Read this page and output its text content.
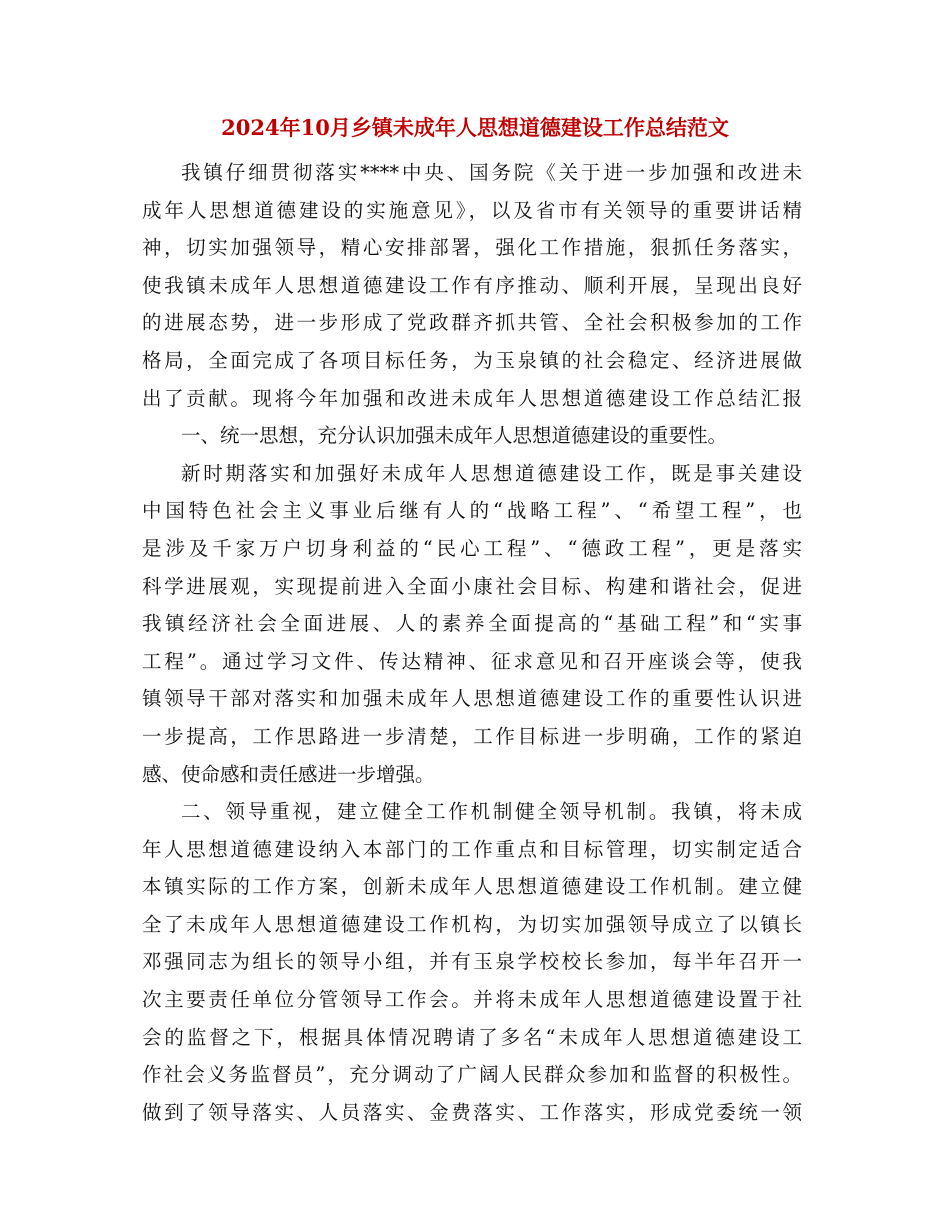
2024年10月乡镇未成年人思想道德建设工作总结范文
我镇仔细贯彻落实****中央、国务院《关于进一步加强和改进未
成年人思想道德建设的实施意见》，以及省市有关领导的重要讲话精
神，切实加强领导，精心安排部署，强化工作措施，狠抓任务落实，
使我镇未成年人思想道德建设工作有序推动、顺利开展，呈现出良好
的进展态势，进一步形成了党政群齐抓共管、全社会积极参加的工作
格局，全面完成了各项目标任务，为玉泉镇的社会稳定、经济进展做
出了贡献。现将今年加强和改进未成年人思想道德建设工作总结汇报
一、统一思想，充分认识加强未成年人思想道德建设的重要性。
新时期落实和加强好未成年人思想道德建设工作，既是事关建设
中国特色社会主义事业后继有人的“战略工程”、“希望工程”，也
是涉及千家万户切身利益的“民心工程”、“德政工程”，更是落实
科学进展观，实现提前进入全面小康社会目标、构建和谐社会，促进
我镇经济社会全面进展、人的素养全面提高的“基础工程”和“实事
工程”。通过学习文件、传达精神、征求意见和召开座谈会等，使我
镇领导干部对落实和加强未成年人思想道德建设工作的重要性认识进
一步提高，工作思路进一步清楚，工作目标进一步明确，工作的紧迫
感、使命感和责任感进一步增强。
二、领导重视，建立健全工作机制健全领导机制。我镇，将未成
年人思想道德建设纳入本部门的工作重点和目标管理，切实制定适合
本镇实际的工作方案，创新未成年人思想道德建设工作机制。建立健
全了未成年人思想道德建设工作机构，为切实加强领导成立了以镇长
邓强同志为组长的领导小组，并有玉泉学校校长参加，每半年召开一
次主要责任单位分管领导工作会。并将未成年人思想道德建设置于社
会的监督之下，根据具体情况聘请了多名“未成年人思想道德建设工
作社会义务监督员”，充分调动了广阔人民群众参加和监督的积极性。
做到了领导落实、人员落实、金费落实、工作落实，形成党委统一领
